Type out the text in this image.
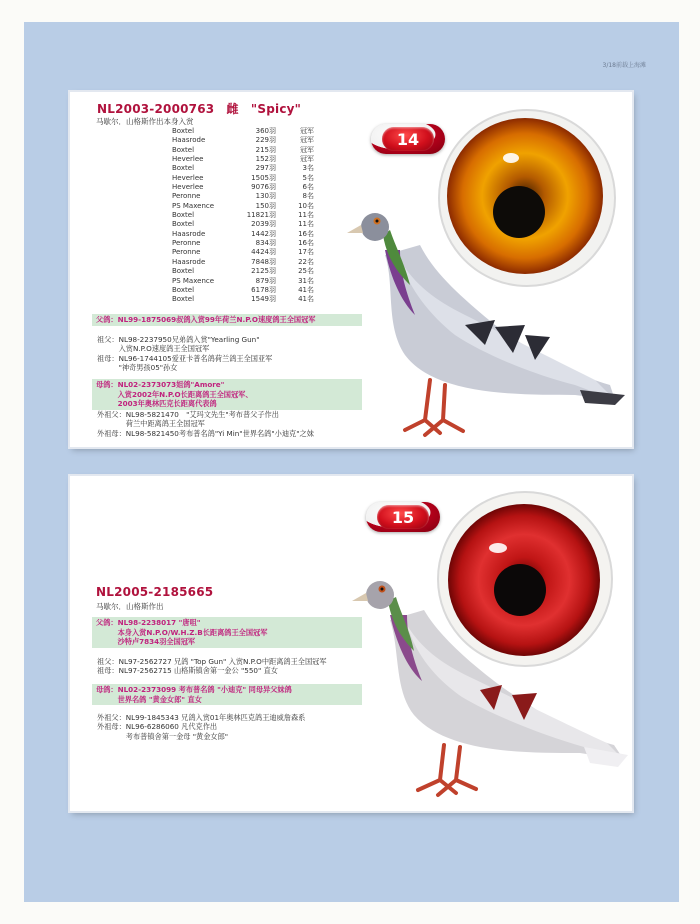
3/18前载上海滩
NL2003-2000763　雌　"Spicy"
马歇尔．山格斯作出本身入赏
Boxtel	360羽	冠军
Haasrode	229羽	冠军
Boxtel	215羽	冠军
Heverlee	152羽	冠军
Boxtel	297羽	3名
Heverlee	1505羽	5名
Heverlee	9076羽	6名
Peronne	130羽	8名
PS Maxence	150羽	10名
Boxtel	11821羽	11名
Boxtel	2039羽	11名
Haasrode	1442羽	16名
Peronne	834羽	16名
Peronne	4424羽	17名
Haasrode	7848羽	22名
Boxtel	2125羽	25名
PS Maxence	879羽	31名
Boxtel	6178羽	41名
Boxtel	1549羽	41名
父鸽：NL99-1875069叔鸽入赏99年荷兰N.P.O速度鸽王全国冠军
祖父：NL98-2237950兄弟鸽入赏"Yearling Gun"
　　　入赏N.P.O速度鸽王全国冠军
祖母：NL96-1744105爱亚卡普名鸽荷兰鸽王全国亚军
　　　"神奇男孩05"孙女
母鸽：NL02-2373073姐鸽"Amore"
　　　入赏2002年N.P.O长距离鸽王全国冠军、
　　　2003年奥林匹克长距离代表鸽
外祖父：NL98-5821470　"艾玛文先生"考布普父子作出
　　　　荷兰中距离鸽王全国冠军
外祖母：NL98-5821450考布普名鸽"Yi Min"世界名鸽"小迪克"之妹
14
15
NL2005-2185665
马歇尔．山格斯作出
父鸽：NL98-2238017 "唐咀"
　　　本身入赏N.P.O/W.H.Z.B长距离鸽王全国冠军
　　　沙特卢7834羽全国冠军
祖父：NL97-2562727 兄鸽 "Top Gun" 入赏N.P.O中距离鸽王全国冠军
祖母：NL97-2562715 山格斯镇舍第一金公 "550" 直女
母鸽：NL02-2373099 考布普名鸽 "小迪克" 同母异父妹鸽
　　　世界名鸽 "黄金女郎" 直女
外祖父：NL99-1845343 兄鸽入赏01年奥林匹克鸽王迪威詹森系
外祖母：NL96-6286060 凡代克作出
　　　　考布普镇舍第一金母 "黄金女郎"
